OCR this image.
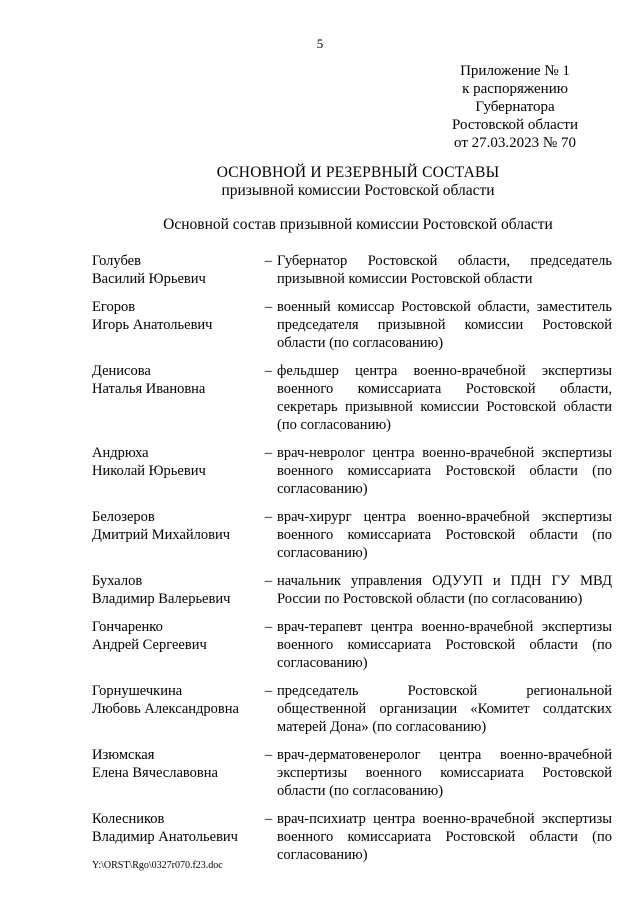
5
Приложение № 1
к распоряжению
Губернатора
Ростовской области
от 27.03.2023 № 70
ОСНОВНОЙ И РЕЗЕРВНЫЙ СОСТАВЫ
призывной комиссии Ростовской области
Основной состав призывной комиссии Ростовской области
Голубев
Василий Юрьевич
– Губернатор Ростовской области, председатель призывной комиссии Ростовской области
Егоров
Игорь Анатольевич
– военный комиссар Ростовской области, заместитель председателя призывной комиссии Ростовской области (по согласованию)
Денисова
Наталья Ивановна
– фельдшер центра военно-врачебной экспертизы военного комиссариата Ростовской области, секретарь призывной комиссии Ростовской области (по согласованию)
Андрюха
Николай Юрьевич
– врач-невролог центра военно-врачебной экспертизы военного комиссариата Ростовской области (по согласованию)
Белозеров
Дмитрий Михайлович
– врач-хирург центра военно-врачебной экспертизы военного комиссариата Ростовской области (по согласованию)
Бухалов
Владимир Валерьевич
– начальник управления ОДУУП и ПДН ГУ МВД России по Ростовской области (по согласованию)
Гончаренко
Андрей Сергеевич
– врач-терапевт центра военно-врачебной экспертизы военного комиссариата Ростовской области (по согласованию)
Горнушечкина
Любовь Александровна
– председатель Ростовской региональной общественной организации «Комитет солдатских матерей Дона» (по согласованию)
Изюмская
Елена Вячеславовна
– врач-дерматовенеролог центра военно-врачебной экспертизы военного комиссариата Ростовской области (по согласованию)
Колесников
Владимир Анатольевич
– врач-психиатр центра военно-врачебной экспертизы военного комиссариата Ростовской области (по согласованию)
Y:\ORST\Rgo\0327r070.f23.doc
